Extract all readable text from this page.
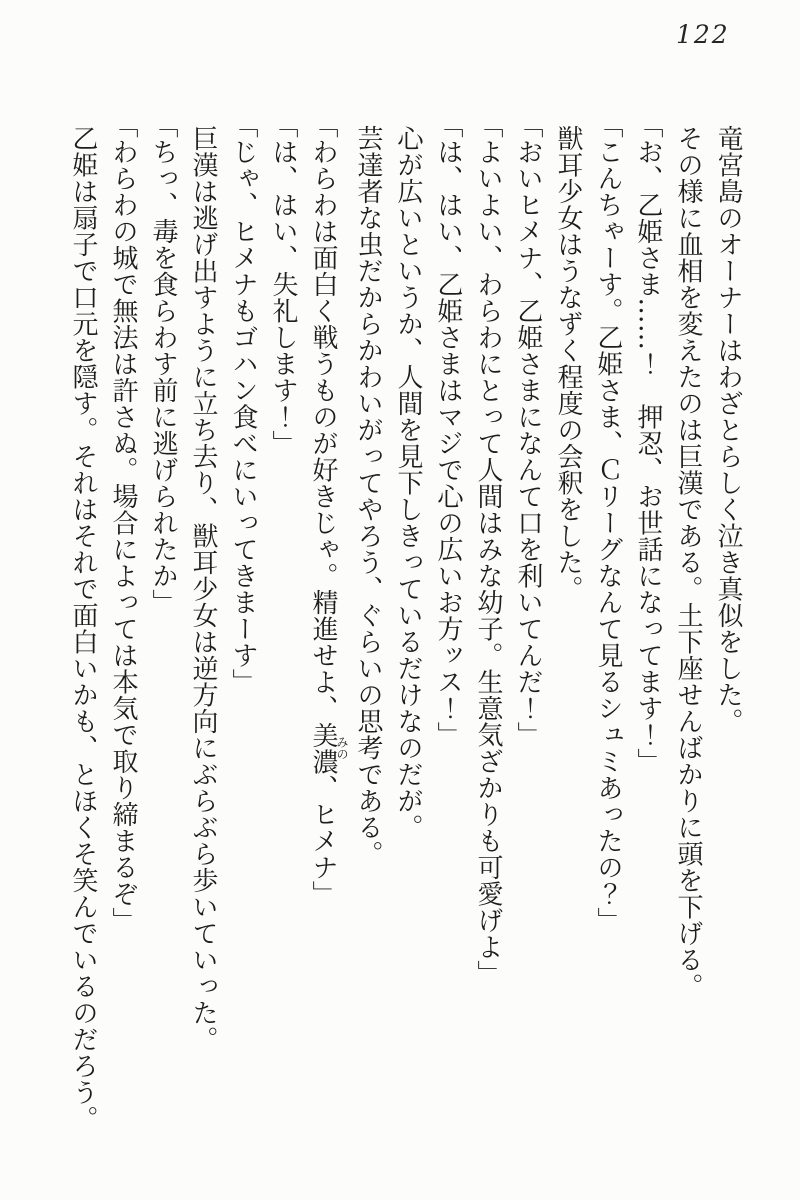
122

竜宮島のオーナーはわざとらしく泣き真似をした。

その様に血相を変えたのは巨漢である。土下座せんばかりに頭を下げる。

「お、乙姫さま……！　押忍、お世話になってます！」

「こんちゃーす。乙姫さま、Ｃリーグなんて見るシュミあったの？」

獣耳少女はうなずく程度の会釈をした。

「おいヒメナ、乙姫さまになんて口を利いてんだ！」

「よいよい、わらわにとって人間はみな幼子。生意気ざかりも可愛げよ」

「は、はい、乙姫さまはマジで心の広いお方ッス！」

心が広いというか、人間を見下しきっているだけなのだが。

芸達者な虫だからかわいがってやろう、ぐらいの思考である。

「わらわは面白く戦うものが好きじゃ。精進せよ、美濃みの、ヒメナ」

「は、はい、失礼します！」

「じゃ、ヒメナもゴハン食べにいってきまーす」

巨漢は逃げ出すように立ち去り、獣耳少女は逆方向にぶらぶら歩いていった。

「ちっ、毒を食らわす前に逃げられたか」

「わらわの城で無法は許さぬ。場合によっては本気で取り締まるぞ」

乙姫は扇子で口元を隠す。それはそれで面白いかも、とほくそ笑んでいるのだろう。
